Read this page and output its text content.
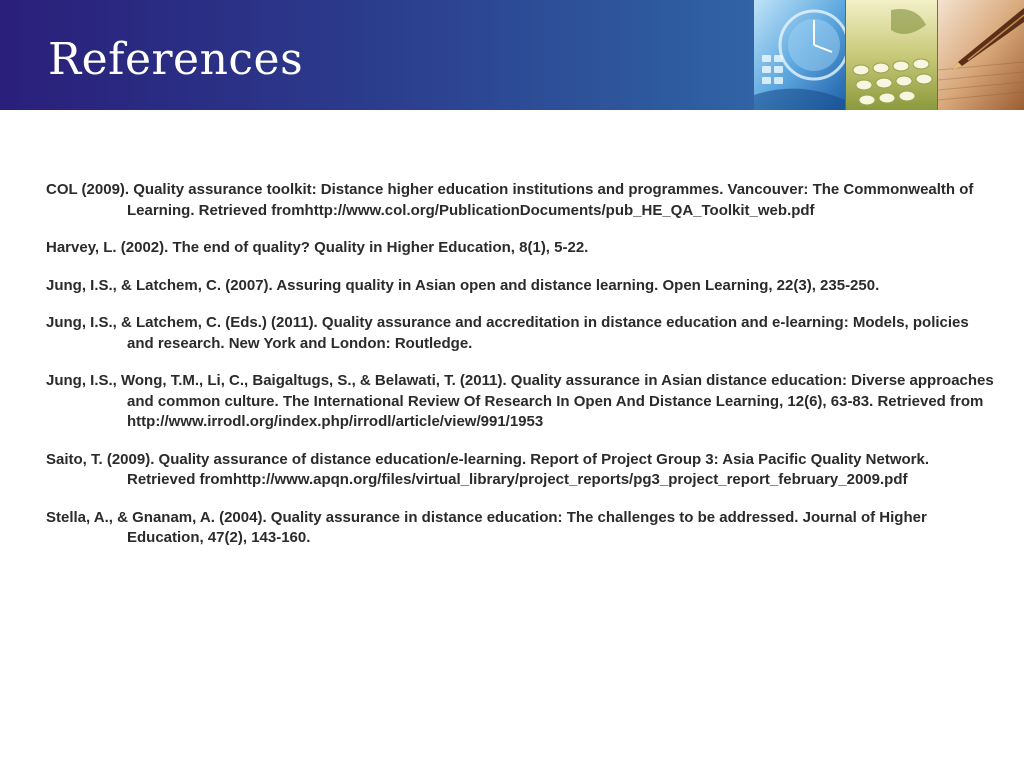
References
COL (2009). Quality assurance toolkit: Distance higher education institutions and programmes. Vancouver: The Commonwealth of Learning. Retrieved fromhttp://www.col.org/PublicationDocuments/pub_HE_QA_Toolkit_web.pdf
Harvey, L. (2002). The end of quality? Quality in Higher Education, 8(1), 5-22.
Jung, I.S., & Latchem, C. (2007). Assuring quality in Asian open and distance learning. Open Learning, 22(3), 235-250.
Jung, I.S., & Latchem, C. (Eds.) (2011). Quality assurance and accreditation in distance education and e-learning: Models, policies and research. New York and London: Routledge.
Jung, I.S., Wong, T.M., Li, C., Baigaltugs, S., & Belawati, T. (2011). Quality assurance in Asian distance education: Diverse approaches and common culture. The International Review Of Research In Open And Distance Learning, 12(6), 63-83. Retrieved from http://www.irrodl.org/index.php/irrodl/article/view/991/1953
Saito, T. (2009). Quality assurance of distance education/e-learning. Report of Project Group 3: Asia Pacific Quality Network. Retrieved fromhttp://www.apqn.org/files/virtual_library/project_reports/pg3_project_report_february_2009.pdf
Stella, A., & Gnanam, A. (2004). Quality assurance in distance education: The challenges to be addressed. Journal of Higher Education, 47(2), 143-160.
